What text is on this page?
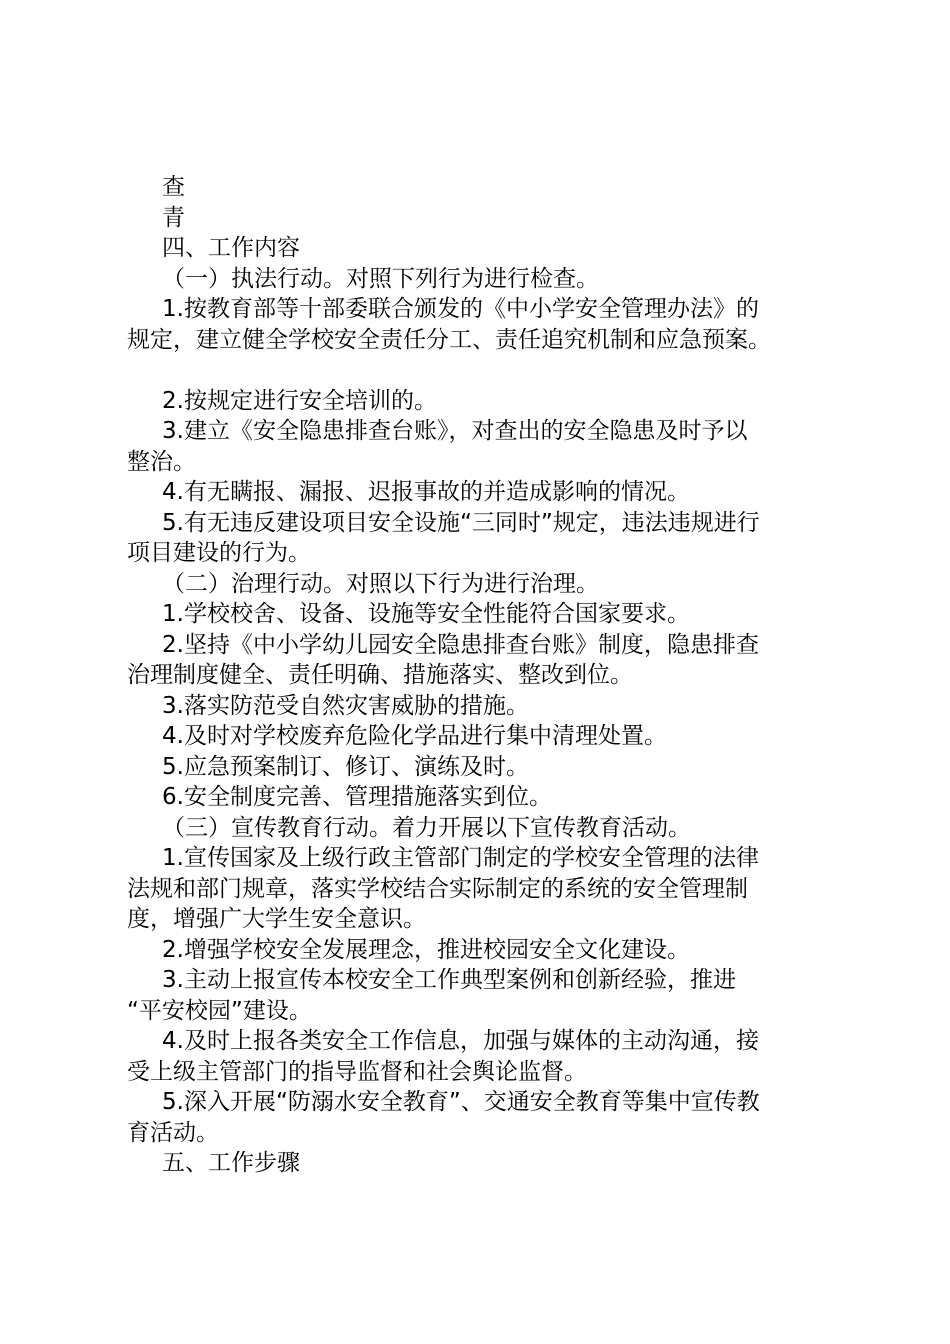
查
青
四、工作内容
（一）执法行动。对照下列行为进行检查。
1.按教育部等十部委联合颁发的《中小学安全管理办法》的
规定，建立健全学校安全责任分工、责任追究机制和应急预案。
2.按规定进行安全培训的。
3.建立《安全隐患排查台账》，对查出的安全隐患及时予以
整治。
4.有无瞒报、漏报、迟报事故的并造成影响的情况。
5.有无违反建设项目安全设施“三同时”规定，违法违规进行
项目建设的行为。
（二）治理行动。对照以下行为进行治理。
1.学校校舍、设备、设施等安全性能符合国家要求。
2.坚持《中小学幼儿园安全隐患排查台账》制度，隐患排查
治理制度健全、责任明确、措施落实、整改到位。
3.落实防范受自然灾害威胁的措施。
4.及时对学校废弃危险化学品进行集中清理处置。
5.应急预案制订、修订、演练及时。
6.安全制度完善、管理措施落实到位。
（三）宣传教育行动。着力开展以下宣传教育活动。
1.宣传国家及上级行政主管部门制定的学校安全管理的法律
法规和部门规章，落实学校结合实际制定的系统的安全管理制
度，增强广大学生安全意识。
2.增强学校安全发展理念，推进校园安全文化建设。
3.主动上报宣传本校安全工作典型案例和创新经验，推进
“平安校园”建设。
4.及时上报各类安全工作信息，加强与媒体的主动沟通，接
受上级主管部门的指导监督和社会舆论监督。
5.深入开展“防溺水安全教育”、交通安全教育等集中宣传教
育活动。
五、工作步骤
